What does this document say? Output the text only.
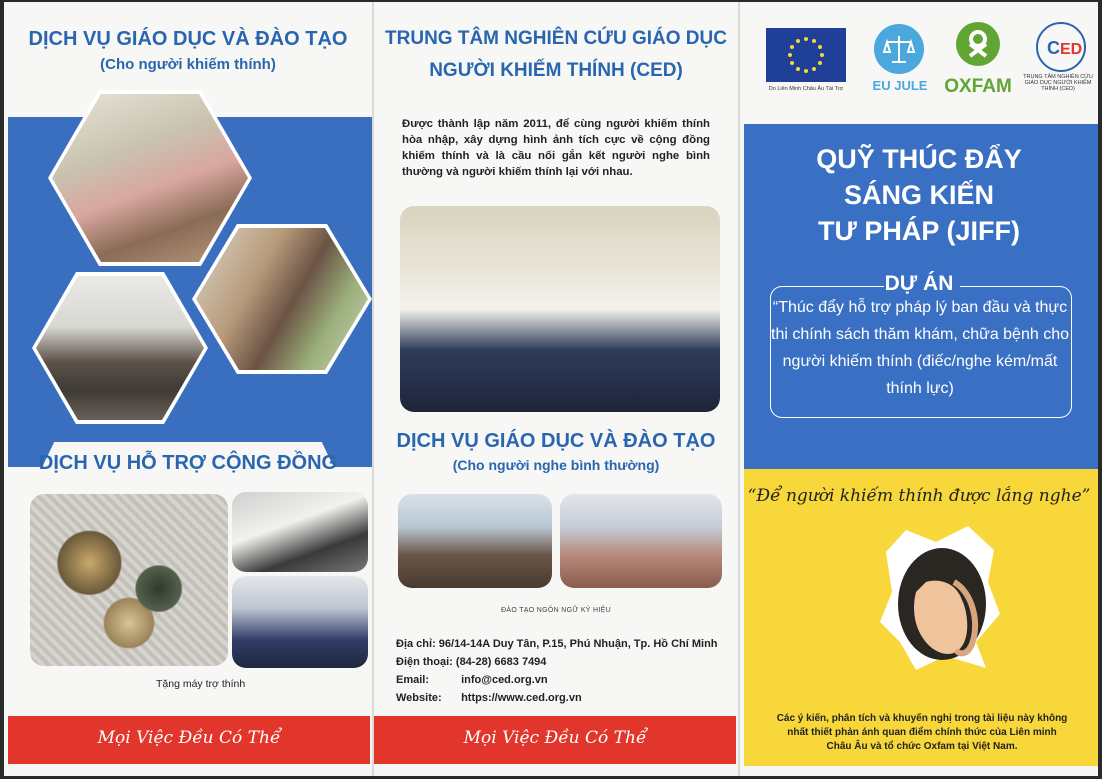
DỊCH VỤ GIÁO DỤC VÀ ĐÀO TẠO
(Cho người khiếm thính)
DỊCH VỤ HỖ TRỢ CỘNG ĐỒNG
Tặng máy trợ thính
Mọi Việc Đều Có Thể
TRUNG TÂM NGHIÊN CỨU GIÁO DỤC
NGƯỜI KHIẾM THÍNH (CED)
Được thành lập năm 2011, để cùng người khiếm thính hòa nhập, xây dựng hình ảnh tích cực về cộng đồng khiếm thính và là cầu nối gắn kết người nghe bình thường và người khiếm thính lại với nhau.
DỊCH VỤ GIÁO DỤC VÀ ĐÀO TẠO
(Cho người nghe bình thường)
ĐÀO TẠO NGÔN NGỮ KÝ HIỆU
Địa chỉ: 96/14-14A Duy Tân, P.15, Phú Nhuận, Tp. Hồ Chí Minh
Điện thoại: (84-28) 6683 7494
Email:	info@ced.org.vn
Website: https://www.ced.org.vn
Mọi Việc Đều Có Thể
Do Liên Minh Châu Âu Tài Trợ	EU JULE OXFAM
C ED
TRUNG TÂM NGHIÊN CỨU GIÁO DỤC NGƯỜI KHIẾM THÍNH (CED)
QUỸ THÚC ĐẨY
SÁNG KIẾN
TƯ PHÁP (JIFF)
DỰ ÁN
“Thúc đẩy hỗ trợ pháp lý ban đầu và thực thi chính sách thăm khám, chữa bệnh cho người khiếm thính (điếc/nghe kém/mất thính lực)
“Để người khiếm thính được lắng nghe”
Các ý kiến, phân tích và khuyến nghị trong tài liệu này không nhất thiết phản ánh quan điểm chính thức của Liên minh Châu Âu và tổ chức Oxfam tại Việt Nam.
